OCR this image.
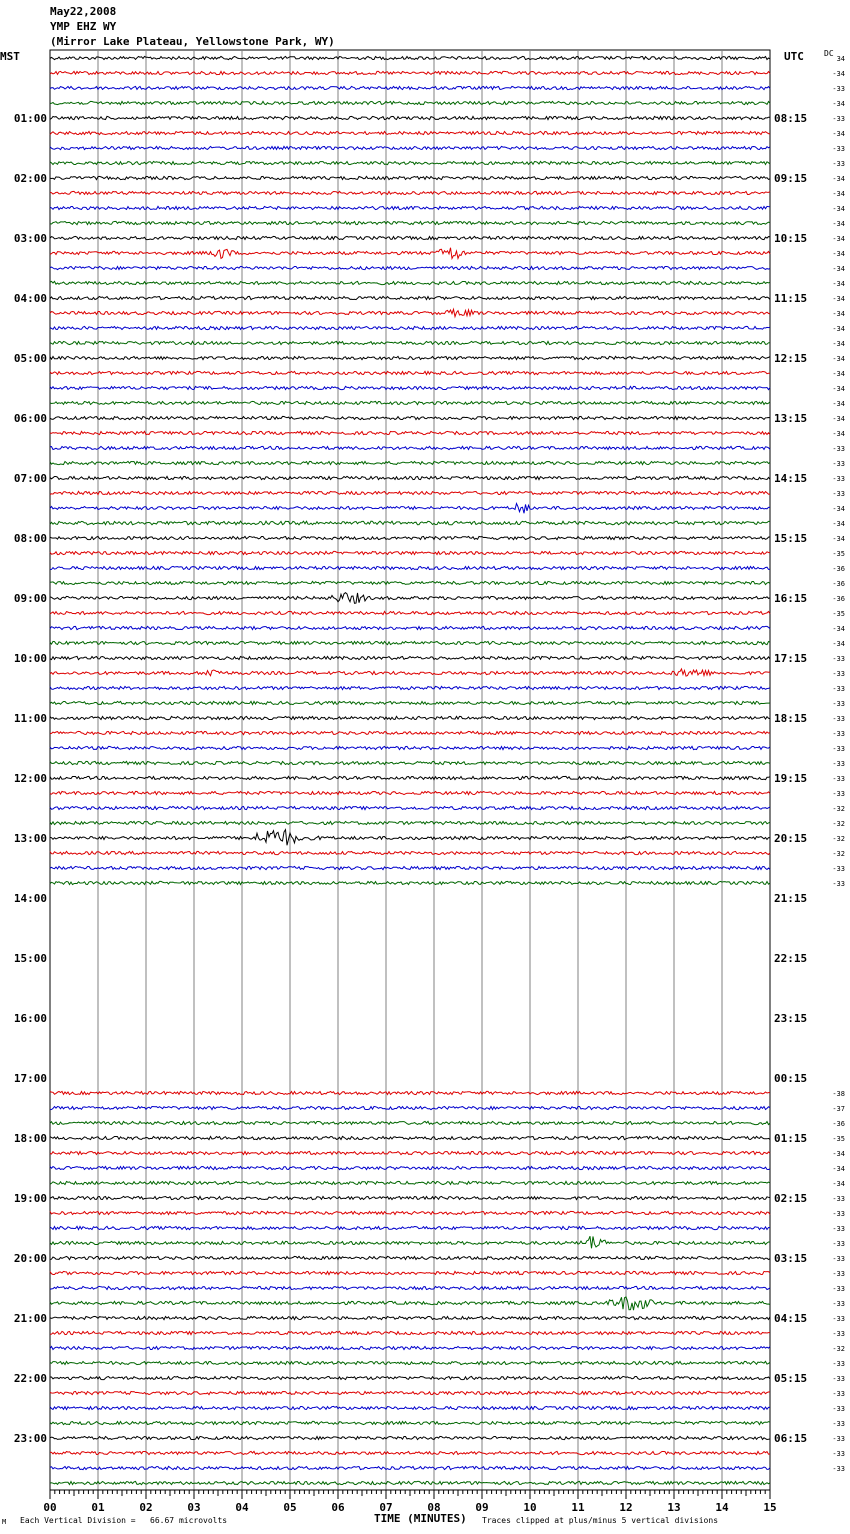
01:00
02:00
03:00
04:00
05:00
06:00
07:00
08:00
09:00
10:00
11:00
12:00
13:00
14:00
15:00
16:00
17:00
18:00
19:00
20:00
21:00
22:00
23:00
08:15
09:15
10:15
11:15
12:15
13:15
14:15
15:15
16:15
17:15
18:15
19:15
20:15
21:15
22:15
23:15
00:15
01:15
02:15
03:15
04:15
05:15
06:15
34
-34
-33
-34
-33
-34
-33
-33
-34
-34
-34
-34
-34
-34
-34
-34
-34
-34
-34
-34
-34
-34
-34
-34
-34
-34
-33
-33
-33
-33
-34
-34
-34
-35
-36
-36
-36
-35
-34
-34
-33
-33
-33
-33
-33
-33
-33
-33
-33
-33
-32
-32
-32
-32
-33
-33
-38
-37
-36
-35
-34
-34
-34
-33
-33
-33
-33
-33
-33
-33
-33
-33
-33
-32
-33
-33
-33
-33
-33
-33
-33
-33
00	01	02	03	04	05	06	07	08	09	10	11	12	13	14	15
May22,2008
YMP EHZ WY
(Mirror Lake Plateau, Yellowstone Park, WY)
MST	UTC	DC
M Each Vertical Division =   66.67 microvolts	TIME (MINUTES) Traces clipped at plus/minus 5 vertical divisions
